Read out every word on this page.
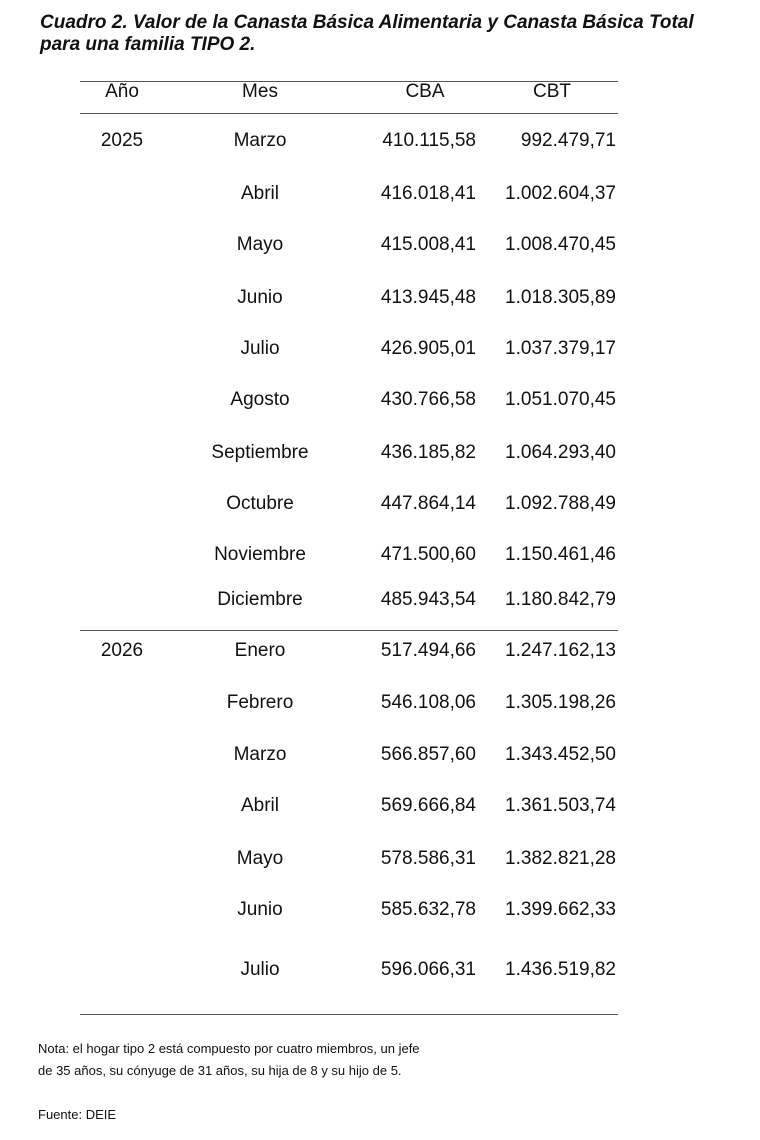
Cuadro 2. Valor de la Canasta Básica Alimentaria y Canasta Básica Total
para una familia TIPO 2.
Año	Mes	CBA	CBT
2025	Marzo	410.115,58	992.479,71
Abril	416.018,41	1.002.604,37
Mayo	415.008,41	1.008.470,45
Junio	413.945,48	1.018.305,89
Julio	426.905,01	1.037.379,17
Agosto	430.766,58	1.051.070,45
Septiembre	436.185,82	1.064.293,40
Octubre	447.864,14	1.092.788,49
Noviembre	471.500,60	1.150.461,46
Diciembre	485.943,54	1.180.842,79
2026	Enero	517.494,66	1.247.162,13
Febrero	546.108,06	1.305.198,26
Marzo	566.857,60	1.343.452,50
Abril	569.666,84	1.361.503,74
Mayo	578.586,31	1.382.821,28
Junio	585.632,78	1.399.662,33
Julio	596.066,31	1.436.519,82
Nota: el hogar tipo 2 está compuesto por cuatro miembros, un jefe
de 35 años, su cónyuge de 31 años, su hija de 8 y su hijo de 5.
Fuente: DEIE
